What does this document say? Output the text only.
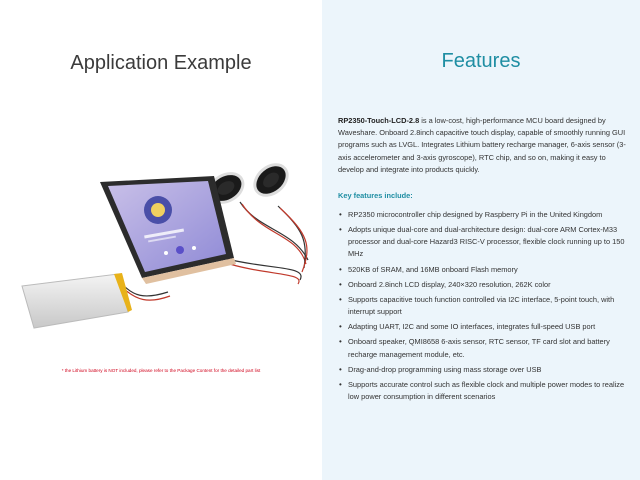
Application Example
* the Lithium battery is NOT included, please refer to the Package Content for the detailed part list
Features
RP2350-Touch-LCD-2.8 is a low-cost, high-performance MCU board designed by Waveshare. Onboard 2.8inch capacitive touch display, capable of smoothly running GUI programs such as LVGL. Integrates Lithium battery recharge manager, 6-axis sensor (3-axis accelerometer and 3-axis gyroscope), RTC chip, and so on, making it easy to develop and integrate into products quickly.
Key features include:
• RP2350 microcontroller chip designed by Raspberry Pi in the United Kingdom
• Adopts unique dual-core and dual-architecture design: dual-core ARM Cortex-M33 processor and dual-core Hazard3 RISC-V processor, flexible clock running up to 150 MHz
• 520KB of SRAM, and 16MB onboard Flash memory
• Onboard 2.8inch LCD display, 240×320 resolution, 262K color
• Supports capacitive touch function controlled via I2C interface, 5-point touch, with interrupt support
• Adapting UART, I2C and some IO interfaces, integrates full-speed USB port
• Onboard speaker, QMI8658 6-axis sensor, RTC sensor, TF card slot and battery recharge management module, etc.
• Drag-and-drop programming using mass storage over USB
• Supports accurate control such as flexible clock and multiple power modes to realize low power consumption in different scenarios
